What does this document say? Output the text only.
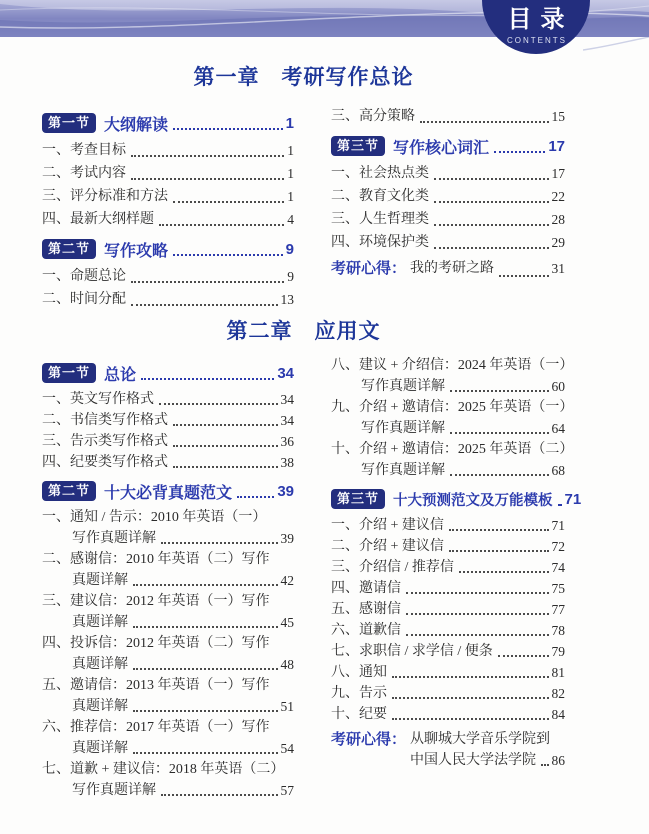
目录
CONTENTS
第一章　考研写作总论
第一节 大纲解读	1
一、考查目标	1
二、考试内容	1
三、评分标准和方法	1
四、最新大纲样题	4
第二节 写作攻略	9
一、命题总论	9
二、时间分配	13
三、高分策略	15
第三节 写作核心词汇	17
一、社会热点类	17
二、教育文化类	22
三、人生哲理类	28
四、环境保护类	29
考研心得： 我的考研之路	31
第二章　应用文
第一节 总论	34
一、英文写作格式	34
二、书信类写作格式	34
三、告示类写作格式	36
四、纪要类写作格式	38
第二节 十大必背真题范文	39
一、通知 / 告示：2010 年英语（一）
写作真题详解	39
二、感谢信：2010 年英语（二）写作
真题详解	42
三、建议信：2012 年英语（一）写作
真题详解	45
四、投诉信：2012 年英语（二）写作
真题详解	48
五、邀请信：2013 年英语（一）写作
真题详解	51
六、推荐信：2017 年英语（一）写作
真题详解	54
七、道歉 + 建议信：2018 年英语（二）
写作真题详解	57
八、建议 + 介绍信：2024 年英语（一）
写作真题详解	60
九、介绍 + 邀请信：2025 年英语（一）
写作真题详解	64
十、介绍 + 邀请信：2025 年英语（二）
写作真题详解	68
第三节 十大预测范文及万能模板 71
一、介绍 + 建议信	71
二、介绍 + 建议信	72
三、介绍信 / 推荐信	74
四、邀请信	75
五、感谢信	77
六、道歉信	78
七、求职信 / 求学信 / 便条	79
八、通知	81
九、告示	82
十、纪要	84
考研心得： 从聊城大学音乐学院到
中国人民大学法学院 86
